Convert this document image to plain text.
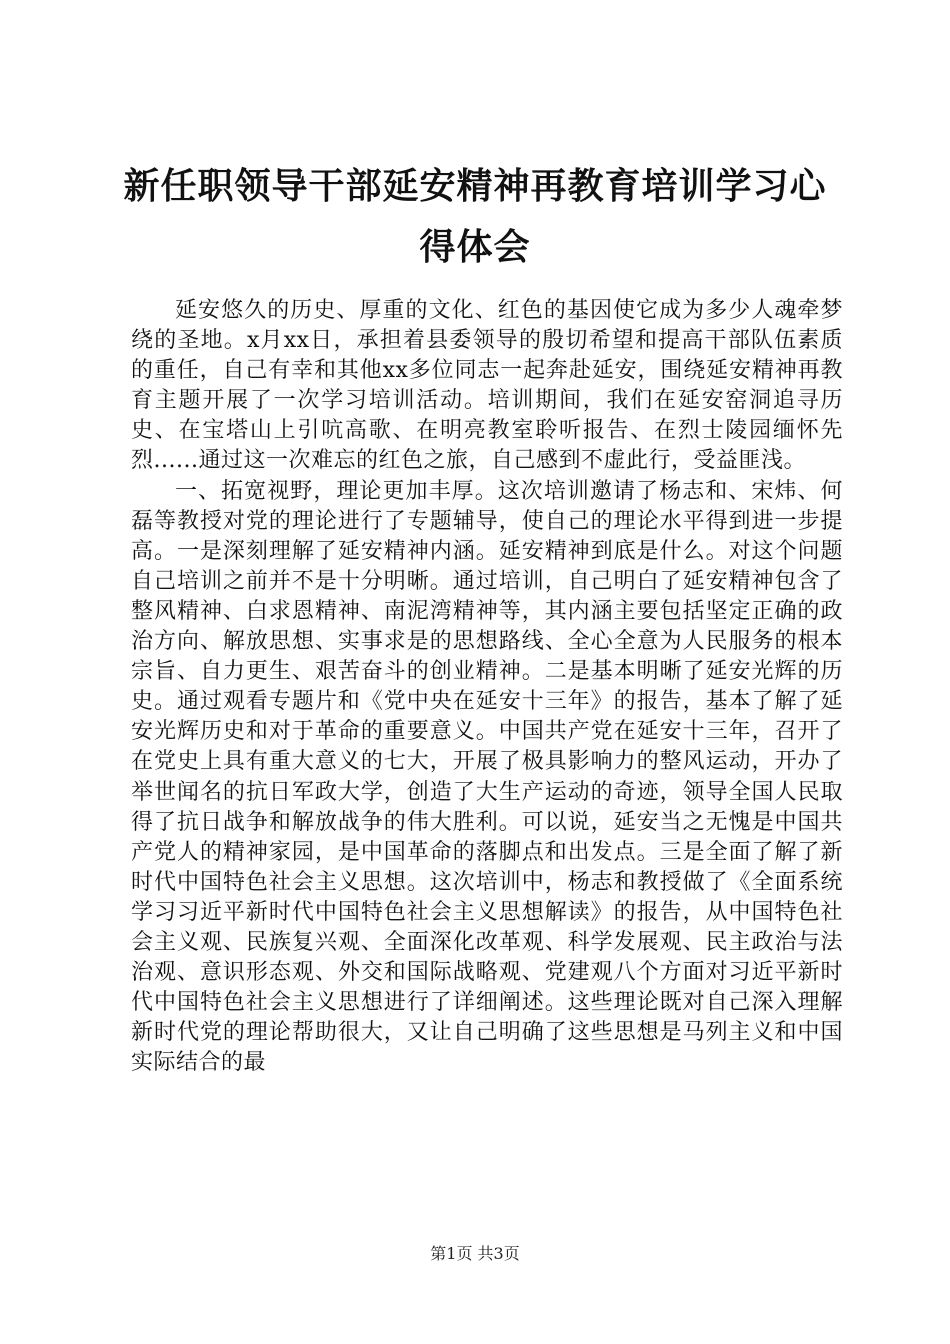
新任职领导干部延安精神再教育培训学习心得体会

延安悠久的历史、厚重的文化、红色的基因使它成为多少人魂牵梦绕的圣地。x月xx日，承担着县委领导的殷切希望和提高干部队伍素质的重任，自己有幸和其他xx多位同志一起奔赴延安，围绕延安精神再教育主题开展了一次学习培训活动。培训期间，我们在延安窑洞追寻历史、在宝塔山上引吭高歌、在明亮教室聆听报告、在烈士陵园缅怀先烈......通过这一次难忘的红色之旅，自己感到不虚此行，受益匪浅。

一、拓宽视野，理论更加丰厚。这次培训邀请了杨志和、宋炜、何磊等教授对党的理论进行了专题辅导，使自己的理论水平得到进一步提高。一是深刻理解了延安精神内涵。延安精神到底是什么。对这个问题自己培训之前并不是十分明晰。通过培训，自己明白了延安精神包含了整风精神、白求恩精神、南泥湾精神等，其内涵主要包括坚定正确的政治方向、解放思想、实事求是的思想路线、全心全意为人民服务的根本宗旨、自力更生、艰苦奋斗的创业精神。二是基本明晰了延安光辉的历史。通过观看专题片和《党中央在延安十三年》的报告，基本了解了延安光辉历史和对于革命的重要意义。中国共产党在延安十三年，召开了在党史上具有重大意义的七大，开展了极具影响力的整风运动，开办了举世闻名的抗日军政大学，创造了大生产运动的奇迹，领导全国人民取得了抗日战争和解放战争的伟大胜利。可以说，延安当之无愧是中国共产党人的精神家园，是中国革命的落脚点和出发点。三是全面了解了新时代中国特色社会主义思想。这次培训中，杨志和教授做了《全面系统学习习近平新时代中国特色社会主义思想解读》的报告，从中国特色社会主义观、民族复兴观、全面深化改革观、科学发展观、民主政治与法治观、意识形态观、外交和国际战略观、党建观八个方面对习近平新时代中国特色社会主义思想进行了详细阐述。这些理论既对自己深入理解新时代党的理论帮助很大，又让自己明确了这些思想是马列主义和中国实际结合的最

第1页 共3页
